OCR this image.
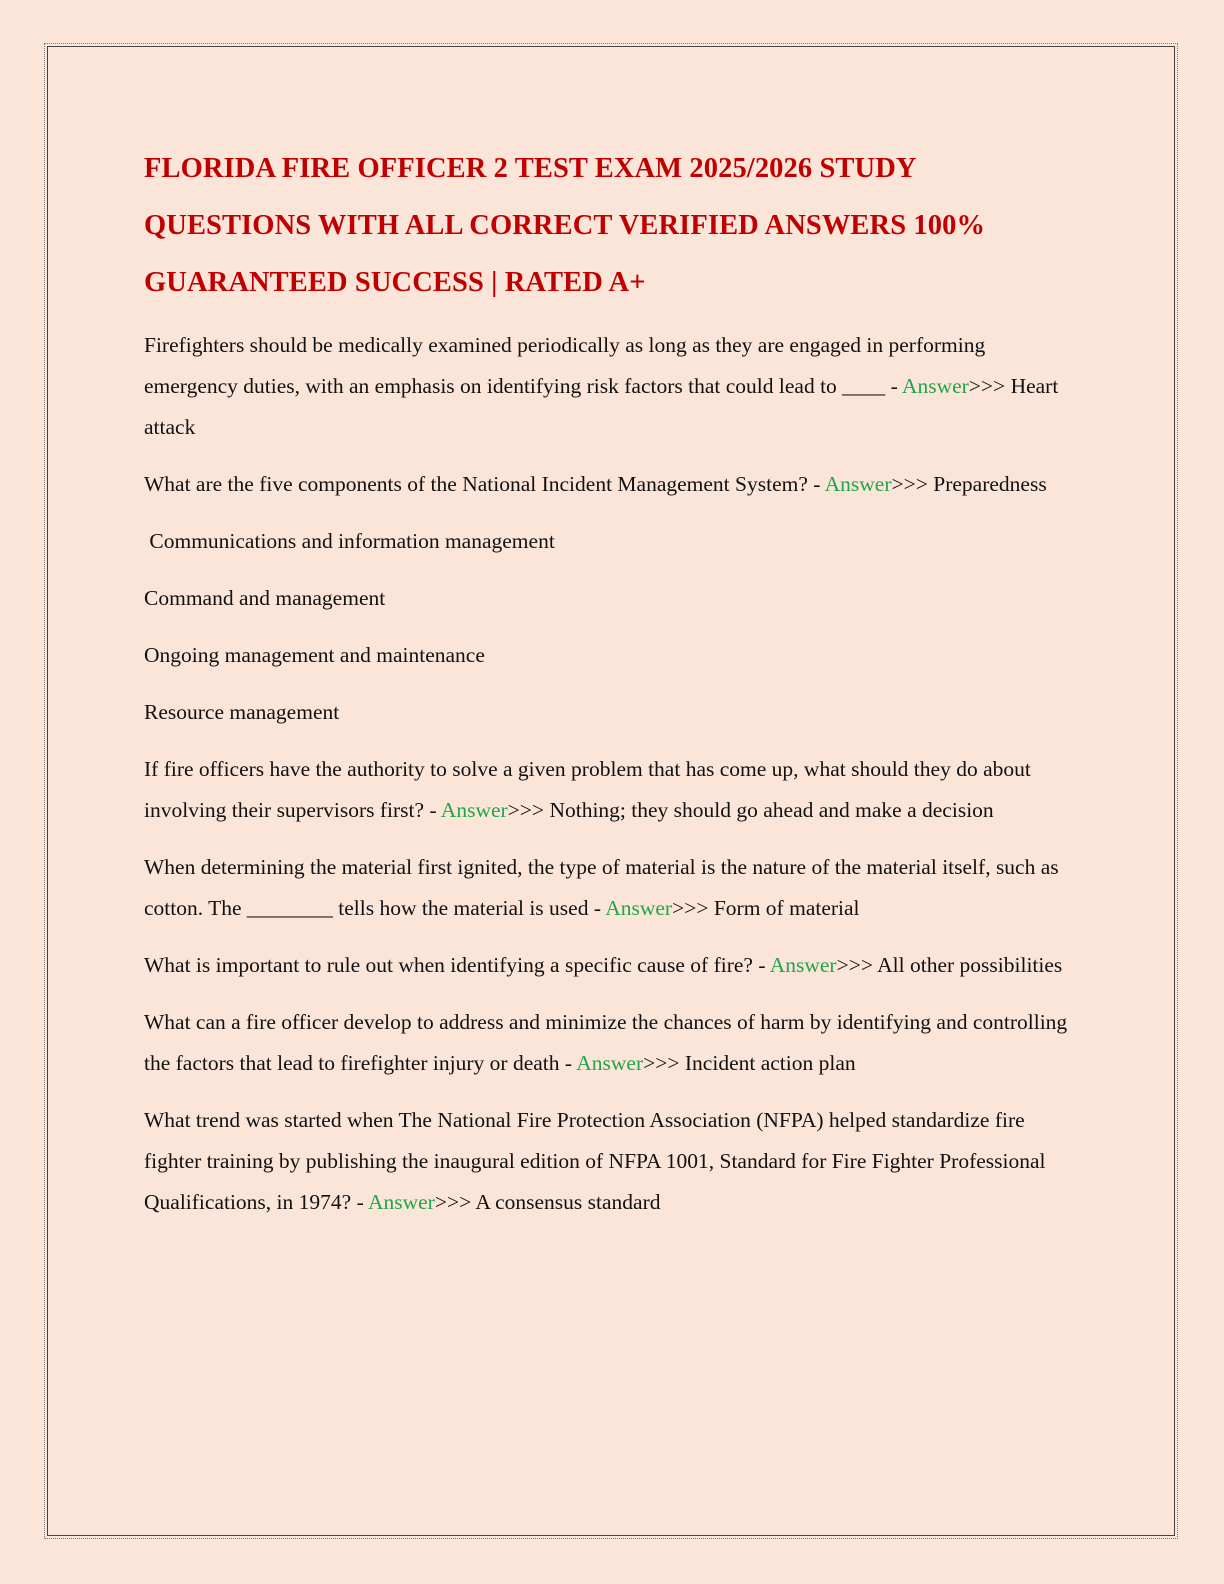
FLORIDA FIRE OFFICER 2 TEST EXAM 2025/2026 STUDY QUESTIONS WITH ALL CORRECT VERIFIED ANSWERS 100% GUARANTEED SUCCESS | RATED A+

Firefighters should be medically examined periodically as long as they are engaged in performing emergency duties, with an emphasis on identifying risk factors that could lead to ____ - Answer>>> Heart attack

What are the five components of the National Incident Management System? - Answer>>> Preparedness

Communications and information management

Command and management

Ongoing management and maintenance

Resource management

If fire officers have the authority to solve a given problem that has come up, what should they do about involving their supervisors first? - Answer>>> Nothing; they should go ahead and make a decision

When determining the material first ignited, the type of material is the nature of the material itself, such as cotton. The ________ tells how the material is used - Answer>>> Form of material

What is important to rule out when identifying a specific cause of fire? - Answer>>> All other possibilities

What can a fire officer develop to address and minimize the chances of harm by identifying and controlling the factors that lead to firefighter injury or death - Answer>>> Incident action plan

What trend was started when The National Fire Protection Association (NFPA) helped standardize fire fighter training by publishing the inaugural edition of NFPA 1001, Standard for Fire Fighter Professional Qualifications, in 1974? - Answer>>> A consensus standard
